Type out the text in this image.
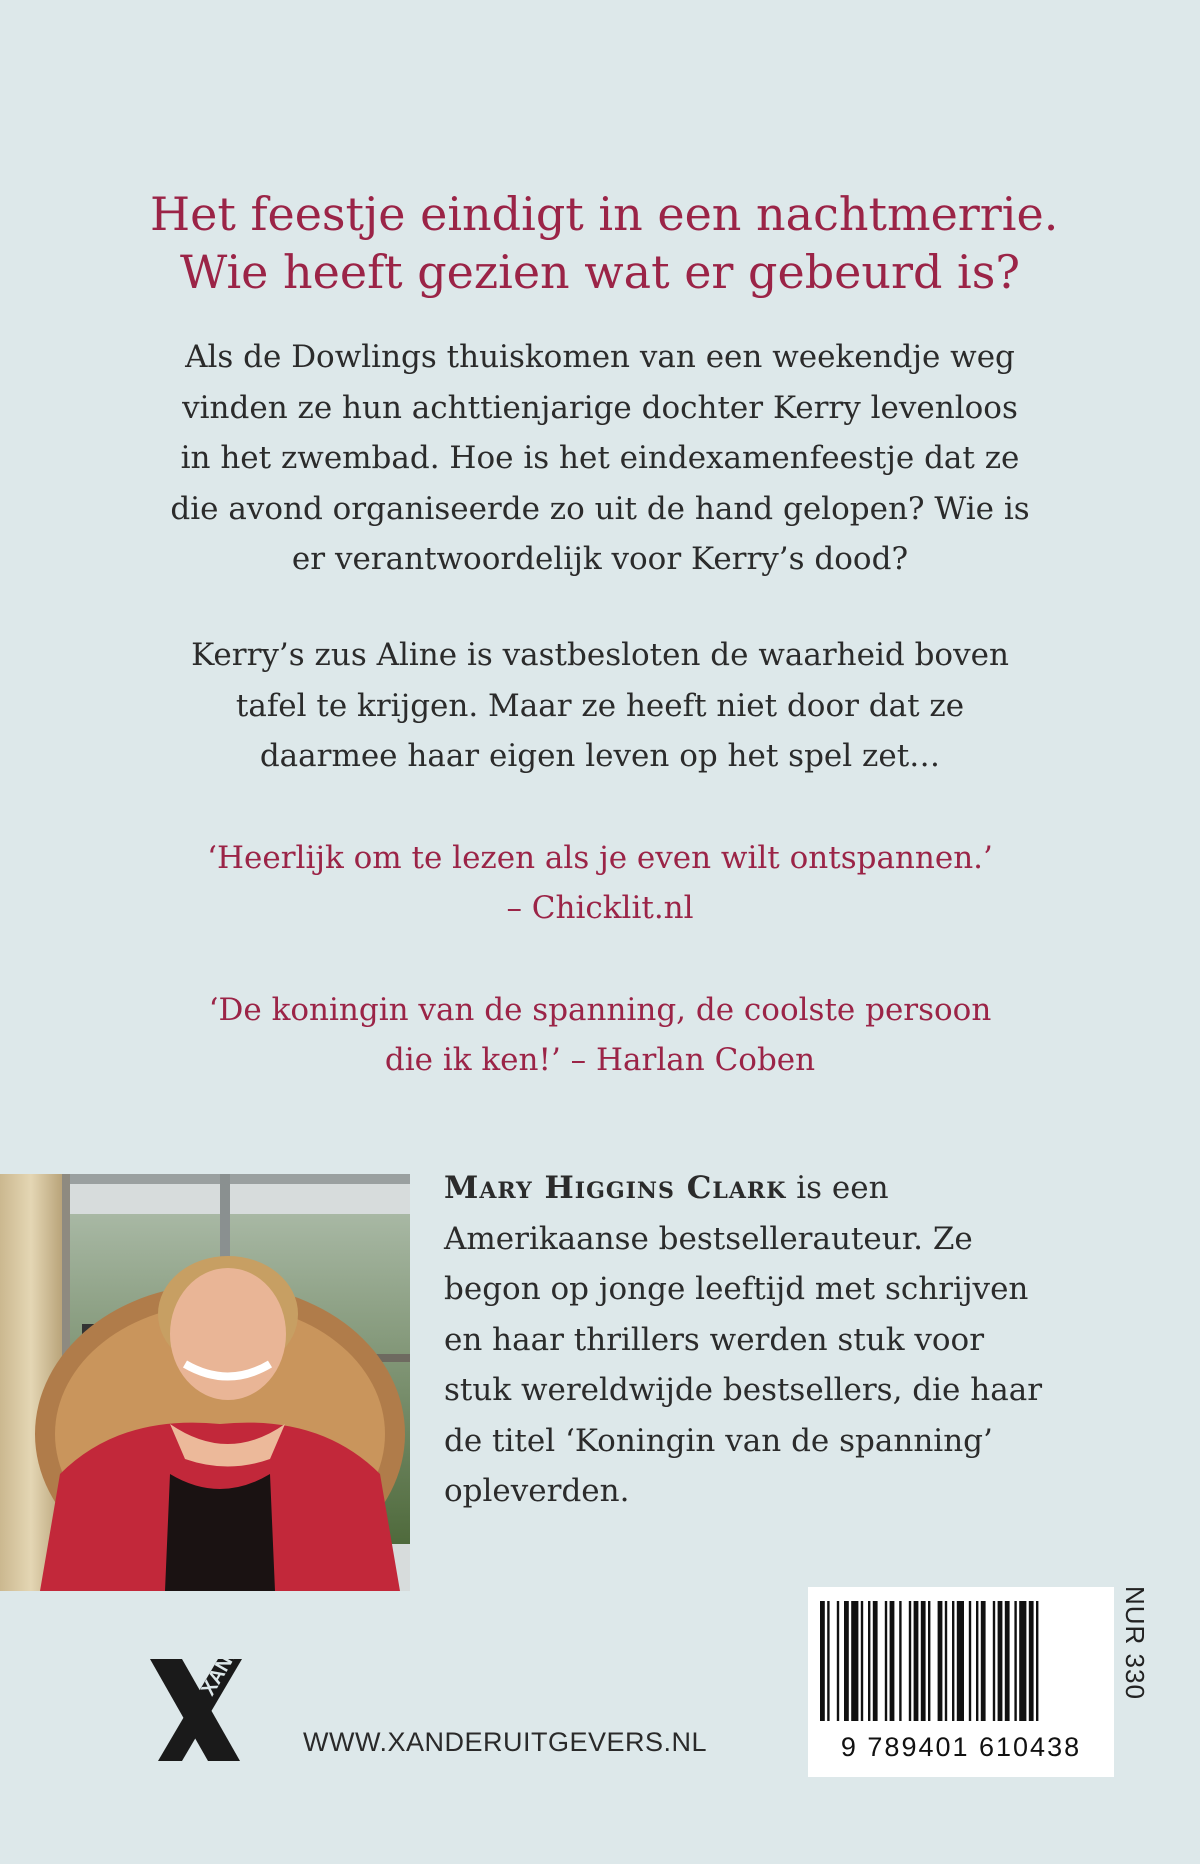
Het feestje eindigt in een nachtmerrie.
Wie heeft gezien wat er gebeurd is?
Als de Dowlings thuiskomen van een weekendje weg
vinden ze hun achttienjarige dochter Kerry levenloos
in het zwembad. Hoe is het eindexamenfeestje dat ze
die avond organiseerde zo uit de hand gelopen? Wie is
er verantwoordelijk voor Kerry’s dood?
Kerry’s zus Aline is vastbesloten de waarheid boven
tafel te krijgen. Maar ze heeft niet door dat ze
daarmee haar eigen leven op het spel zet…
‘Heerlijk om te lezen als je even wilt ontspannen.’
– Chicklit.nl
‘De koningin van de spanning, de coolste persoon
die ik ken!’ – Harlan Coben
Mary Higgins Clark is een
Amerikaanse bestsellerauteur. Ze
begon op jonge leeftijd met schrijven
en haar thrillers werden stuk voor
stuk wereldwijde bestsellers, die haar
de titel ‘Koningin van de spanning’
opleverden.
XANDER
WWW.XANDERUITGEVERS.NL	9 789401 610438
NUR 330
